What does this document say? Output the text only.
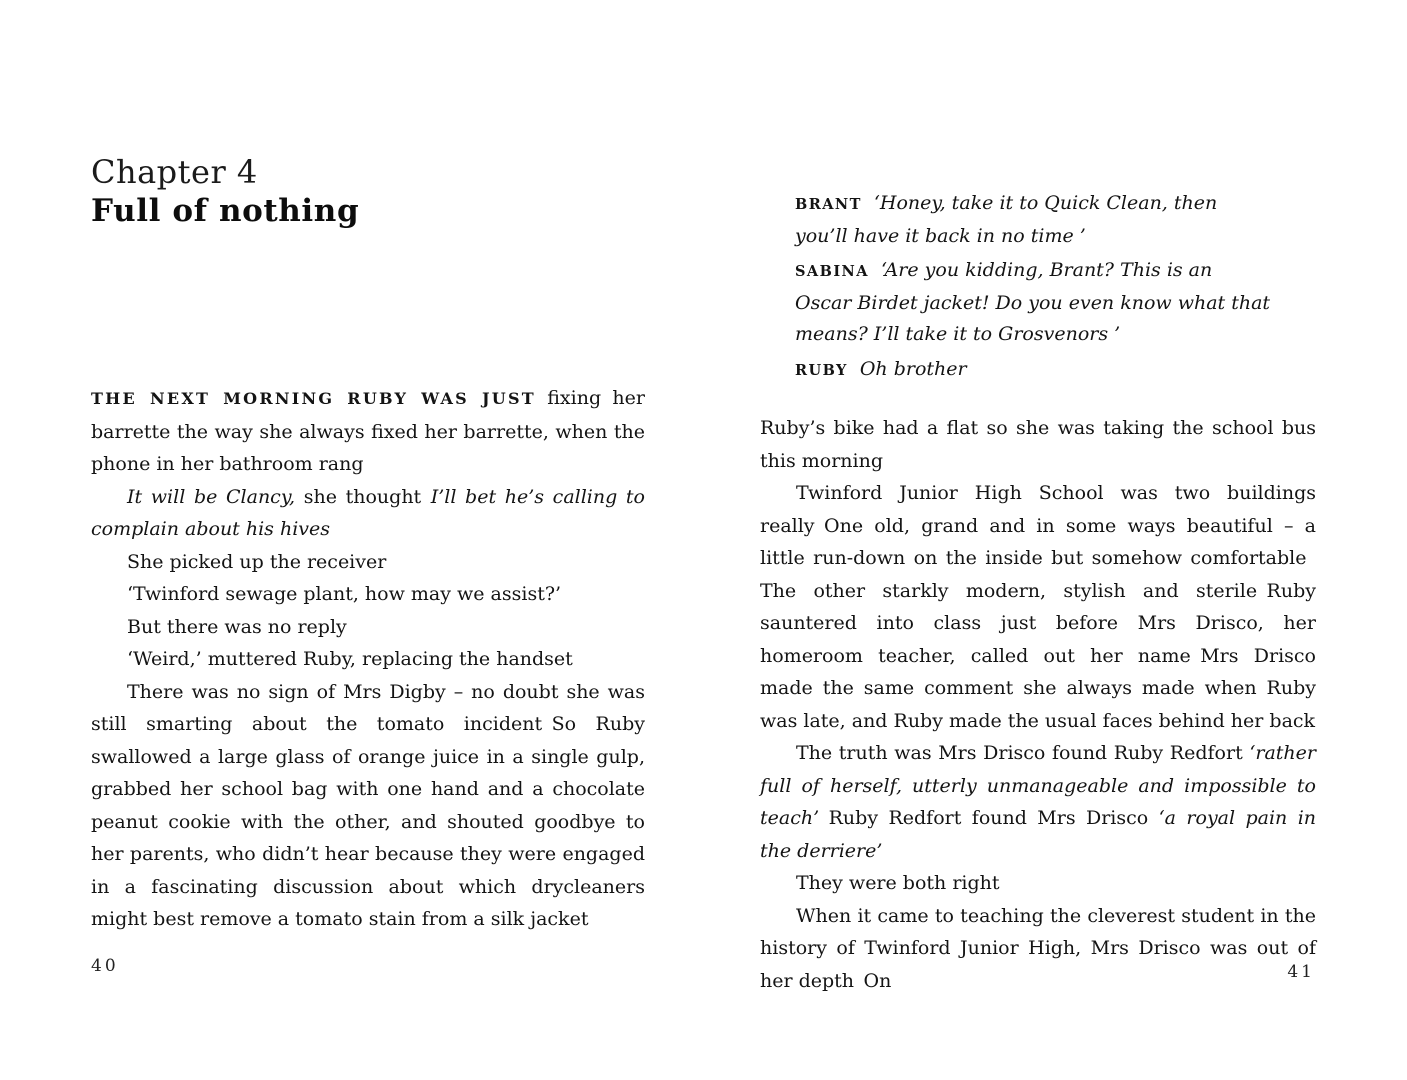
Chapter 4
Full of nothing

THE NEXT MORNING RUBY WAS JUST fixing her barrette the way she always fixed her barrette, when the phone in her bathroom rang

It will be Clancy, she thought I’ll bet he’s calling to complain about his hives

She picked up the receiver

‘Twinford sewage plant, how may we assist?’

But there was no reply

‘Weird,’ muttered Ruby, replacing the handset

There was no sign of Mrs Digby – no doubt she was still smarting about the tomato incident So Ruby swallowed a large glass of orange juice in a single gulp, grabbed her school bag with one hand and a chocolate peanut cookie with the other, and shouted goodbye to her parents, who didn’t hear because they were engaged in a fascinating discussion about which drycleaners might best remove a tomato stain from a silk jacket

40

BRANT ‘Honey, take it to Quick Clean, then you’ll have it back in no time ’

SABINA ‘Are you kidding, Brant? This is an Oscar Birdet jacket! Do you even know what that means? I’ll take it to Grosvenors ’

RUBY Oh brother

Ruby’s bike had a flat so she was taking the school bus this morning

Twinford Junior High School was two buildings really One old, grand and in some ways beautiful – a little run-down on the inside but somehow comfortable The other starkly modern, stylish and sterile Ruby sauntered into class just before Mrs Drisco, her homeroom teacher, called out her name Mrs Drisco made the same comment she always made when Ruby was late, and Ruby made the usual faces behind her back

The truth was Mrs Drisco found Ruby Redfort ‘rather full of herself, utterly unmanageable and impossible to teach’ Ruby Redfort found Mrs Drisco ‘a royal pain in the derriere’

They were both right

When it came to teaching the cleverest student in the history of Twinford Junior High, Mrs Drisco was out of her depth On	41
